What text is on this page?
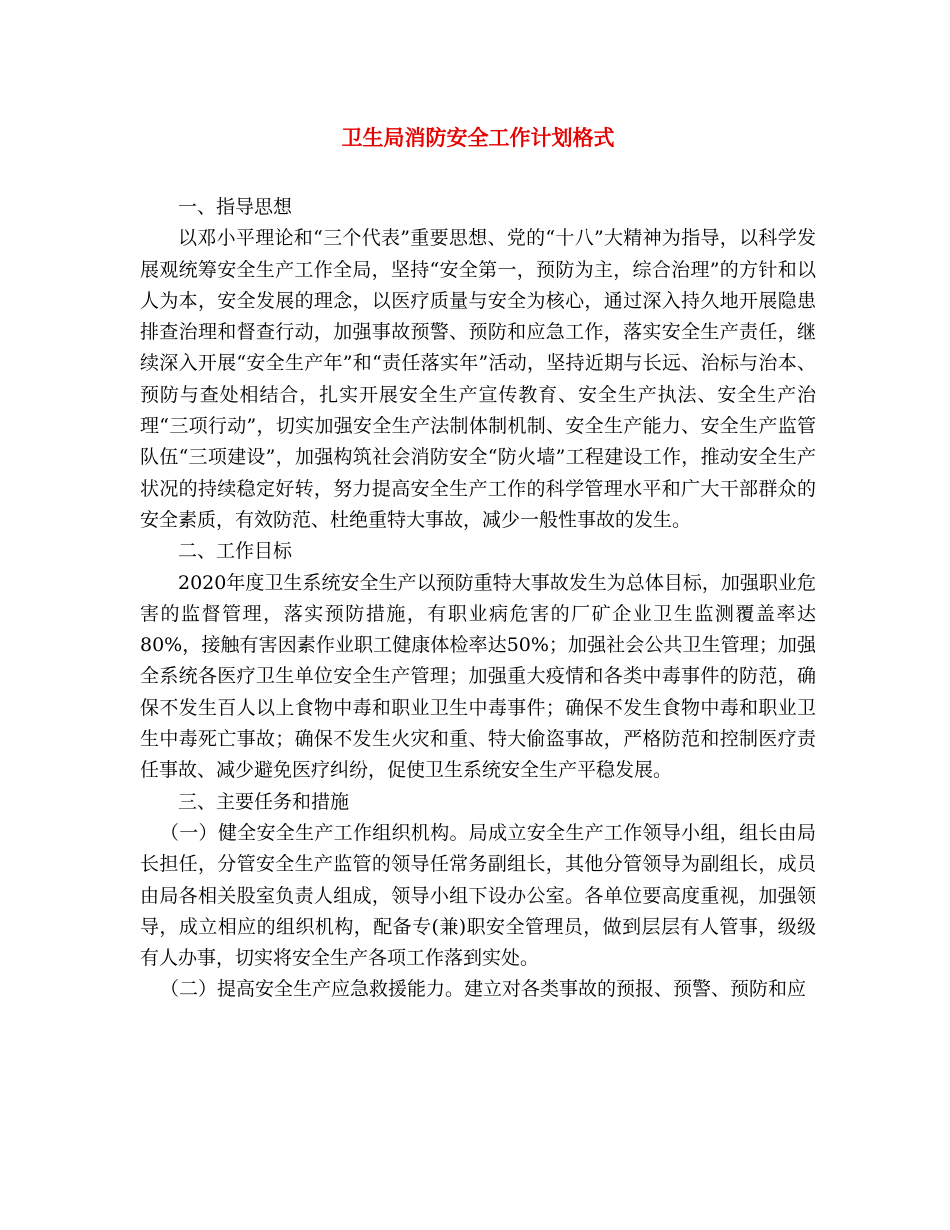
卫生局消防安全工作计划格式

一、指导思想

以邓小平理论和“三个代表”重要思想、党的“十八”大精神为指导，以科学发展观统筹安全生产工作全局，坚持“安全第一，预防为主，综合治理”的方针和以人为本，安全发展的理念，以医疗质量与安全为核心，通过深入持久地开展隐患排查治理和督查行动，加强事故预警、预防和应急工作，落实安全生产责任，继续深入开展“安全生产年”和“责任落实年”活动，坚持近期与长远、治标与治本、预防与查处相结合，扎实开展安全生产宣传教育、安全生产执法、安全生产治理“三项行动”，切实加强安全生产法制体制机制、安全生产能力、安全生产监管队伍“三项建设”，加强构筑社会消防安全“防火墙”工程建设工作，推动安全生产状况的持续稳定好转，努力提高安全生产工作的科学管理水平和广大干部群众的安全素质，有效防范、杜绝重特大事故，减少一般性事故的发生。

二、工作目标

2020年度卫生系统安全生产以预防重特大事故发生为总体目标，加强职业危害的监督管理，落实预防措施，有职业病危害的厂矿企业卫生监测覆盖率达80%，接触有害因素作业职工健康体检率达50%；加强社会公共卫生管理；加强全系统各医疗卫生单位安全生产管理；加强重大疫情和各类中毒事件的防范，确保不发生百人以上食物中毒和职业卫生中毒事件；确保不发生食物中毒和职业卫生中毒死亡事故；确保不发生火灾和重、特大偷盗事故，严格防范和控制医疗责任事故、减少避免医疗纠纷，促使卫生系统安全生产平稳发展。

三、主要任务和措施

（一）健全安全生产工作组织机构。局成立安全生产工作领导小组，组长由局长担任，分管安全生产监管的领导任常务副组长，其他分管领导为副组长，成员由局各相关股室负责人组成，领导小组下设办公室。各单位要高度重视，加强领导，成立相应的组织机构，配备专(兼)职安全管理员，做到层层有人管事，级级有人办事，切实将安全生产各项工作落到实处。

（二）提高安全生产应急救援能力。建立对各类事故的预报、预警、预防和应
